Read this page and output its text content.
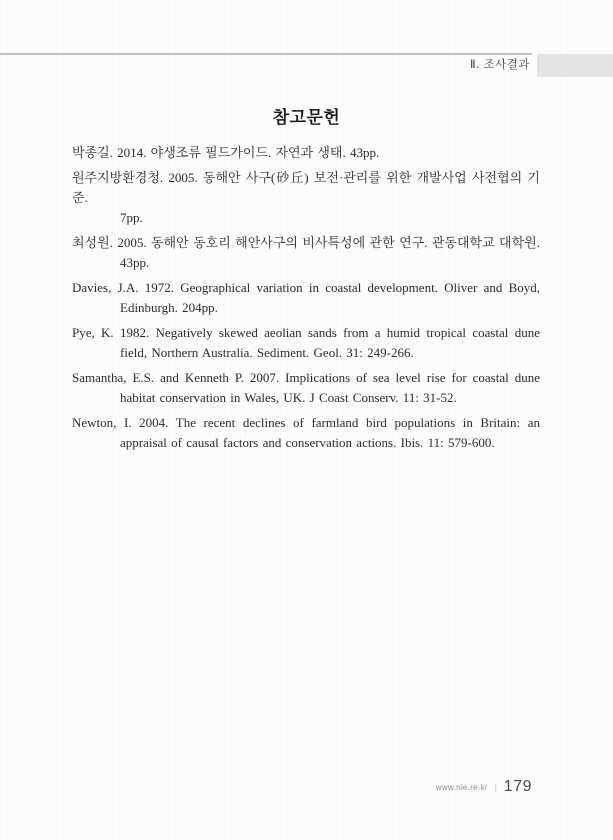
Ⅱ. 조사결과
참고문헌
박종길. 2014. 야생조류 필드가이드. 자연과 생태. 43pp.
원주지방환경청. 2005. 동해안 사구(砂丘) 보전·관리를 위한 개발사업 사전협의 기준.
7pp.
최성원. 2005. 동해안 동호리 해안사구의 비사특성에 관한 연구. 관동대학교 대학원.
43pp.
Davies, J.A. 1972. Geographical variation in coastal development. Oliver and Boyd,
Edinburgh. 204pp.
Pye, K. 1982. Negatively skewed aeolian sands from a humid tropical coastal dune
field, Northern Australia. Sediment. Geol. 31: 249-266.
Samantha, E.S. and Kenneth P. 2007. Implications of sea level rise for coastal dune
habitat conservation in Wales, UK. J Coast Conserv. 11: 31-52.
Newton, I. 2004. The recent declines of farmland bird populations in Britain: an
appraisal of causal factors and conservation actions. Ibis. 11: 579-600.
www.nie.re.kr | 179
